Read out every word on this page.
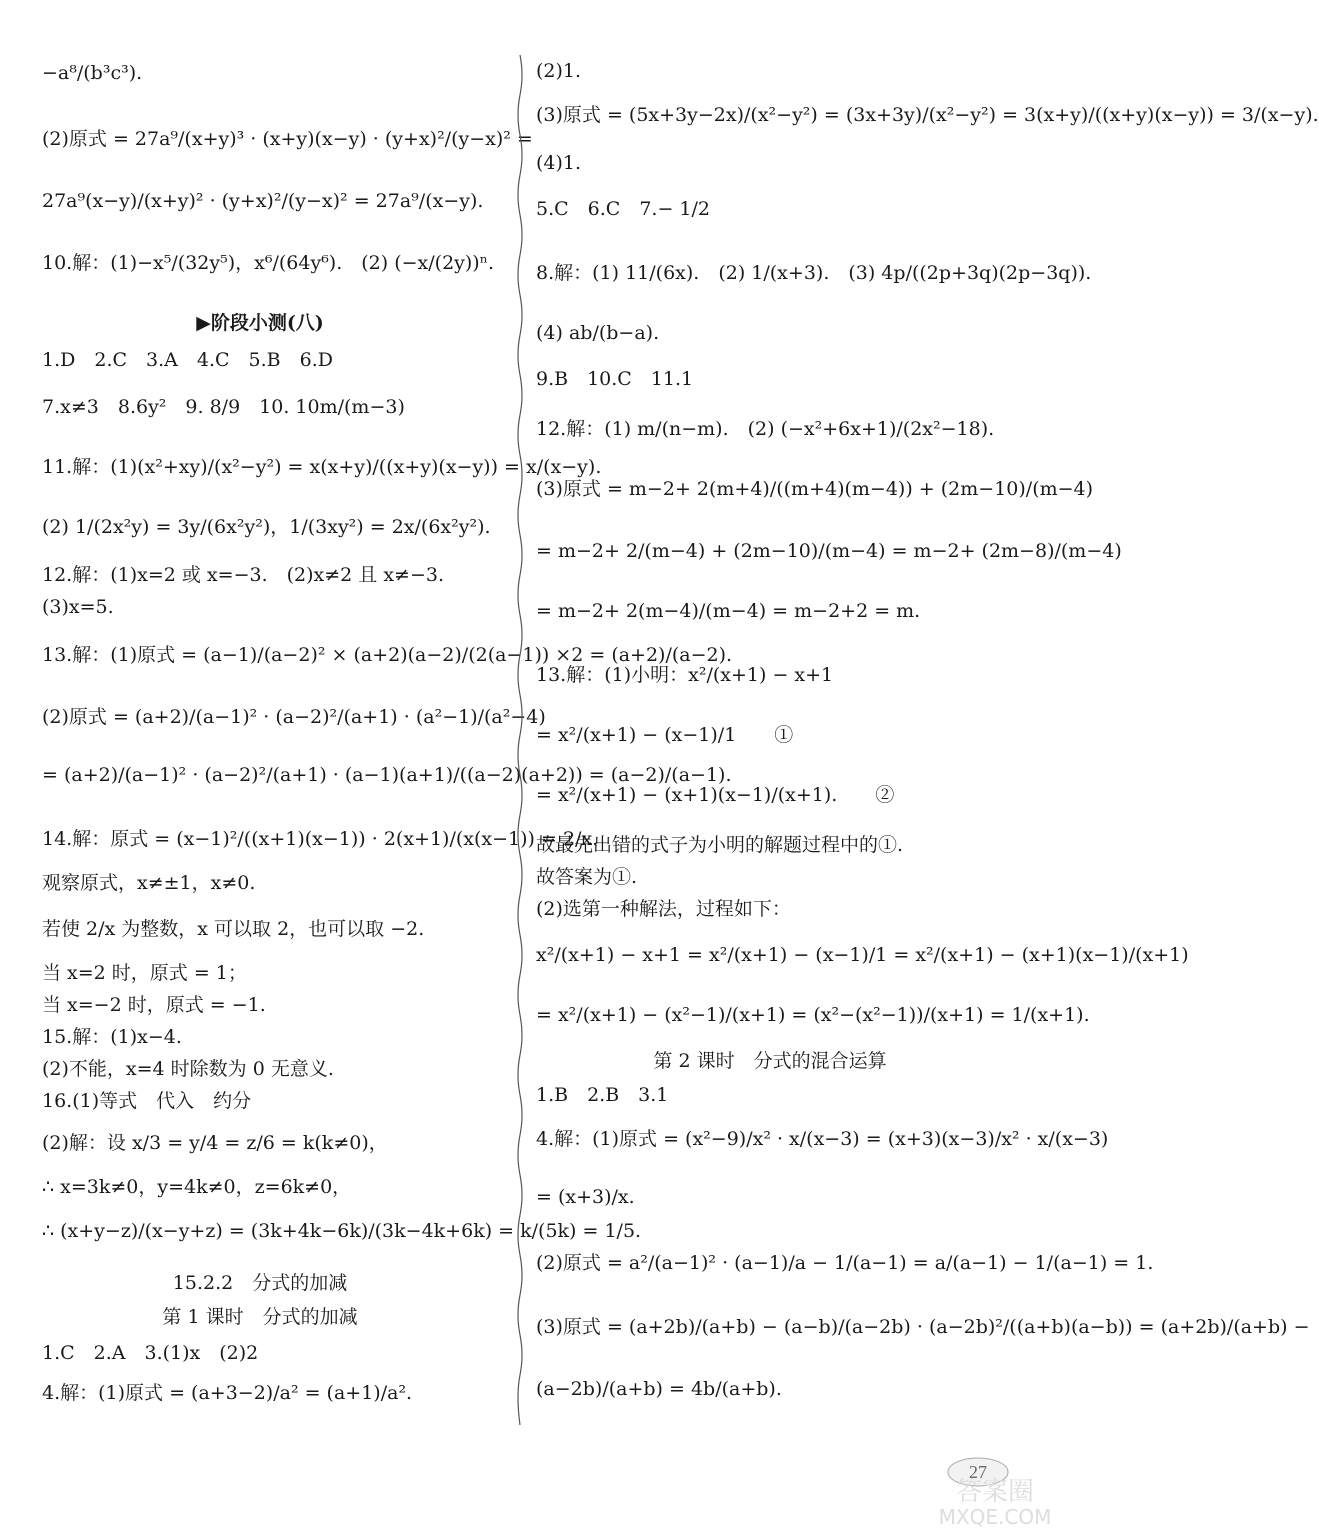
−a⁸/(b³c³).
(2)原式 = 27a⁹/(x+y)³ · (x+y)(x−y) · (y+x)²/(y−x)² =
27a⁹(x−y)/(x+y)² · (y+x)²/(y−x)² = 27a⁹/(x−y).
10.解：(1)−x⁵/(32y⁵)，x⁶/(64y⁶).　(2) (−x/(2y))ⁿ.
▶阶段小测(八)
1.D　2.C　3.A　4.C　5.B　6.D
7.x≠3　8.6y²　9. 8/9　10. 10m/(m−3)
11.解：(1)(x²+xy)/(x²−y²) = x(x+y)/((x+y)(x−y)) = x/(x−y).
(2) 1/(2x²y) = 3y/(6x²y²)，1/(3xy²) = 2x/(6x²y²).
12.解：(1)x=2 或 x=−3.　(2)x≠2 且 x≠−3.
(3)x=5.
13.解：(1)原式 = (a−1)/(a−2)² × (a+2)(a−2)/(2(a−1)) ×2 = (a+2)/(a−2).
(2)原式 = (a+2)/(a−1)² · (a−2)²/(a+1) · (a²−1)/(a²−4)
= (a+2)/(a−1)² · (a−2)²/(a+1) · (a−1)(a+1)/((a−2)(a+2)) = (a−2)/(a−1).
14.解：原式 = (x−1)²/((x+1)(x−1)) · 2(x+1)/(x(x−1)) = 2/x.
观察原式，x≠±1，x≠0.
若使 2/x 为整数，x 可以取 2，也可以取 −2.
当 x=2 时，原式 = 1；
当 x=−2 时，原式 = −1.
15.解：(1)x−4.
(2)不能，x=4 时除数为 0 无意义.
16.(1)等式　代入　约分
(2)解：设 x/3 = y/4 = z/6 = k(k≠0)，
∴ x=3k≠0，y=4k≠0，z=6k≠0，
∴ (x+y−z)/(x−y+z) = (3k+4k−6k)/(3k−4k+6k) = k/(5k) = 1/5.
15.2.2　分式的加减
第 1 课时　分式的加减
1.C　2.A　3.(1)x　(2)2
4.解：(1)原式 = (a+3−2)/a² = (a+1)/a².
(2)1.
(3)原式 = (5x+3y−2x)/(x²−y²) = (3x+3y)/(x²−y²) = 3(x+y)/((x+y)(x−y)) = 3/(x−y).
(4)1.
5.C　6.C　7.− 1/2
8.解：(1) 11/(6x).　(2) 1/(x+3).　(3) 4p/((2p+3q)(2p−3q)).
(4) ab/(b−a).
9.B　10.C　11.1
12.解：(1) m/(n−m).　(2) (−x²+6x+1)/(2x²−18).
(3)原式 = m−2+ 2(m+4)/((m+4)(m−4)) + (2m−10)/(m−4)
= m−2+ 2/(m−4) + (2m−10)/(m−4) = m−2+ (2m−8)/(m−4)
= m−2+ 2(m−4)/(m−4) = m−2+2 = m.
13.解：(1)小明：x²/(x+1) − x+1
= x²/(x+1) − (x−1)/1　　①
= x²/(x+1) − (x+1)(x−1)/(x+1).　　②
故最先出错的式子为小明的解题过程中的①.
故答案为①.
(2)选第一种解法，过程如下：
x²/(x+1) − x+1 = x²/(x+1) − (x−1)/1 = x²/(x+1) − (x+1)(x−1)/(x+1)
= x²/(x+1) − (x²−1)/(x+1) = (x²−(x²−1))/(x+1) = 1/(x+1).
第 2 课时　分式的混合运算
1.B　2.B　3.1
4.解：(1)原式 = (x²−9)/x² · x/(x−3) = (x+3)(x−3)/x² · x/(x−3)
= (x+3)/x.
(2)原式 = a²/(a−1)² · (a−1)/a − 1/(a−1) = a/(a−1) − 1/(a−1) = 1.
(3)原式 = (a+2b)/(a+b) − (a−b)/(a−2b) · (a−2b)²/((a+b)(a−b)) = (a+2b)/(a+b) −
(a−2b)/(a+b) = 4b/(a+b).
27
答案圈
MXQE.COM
